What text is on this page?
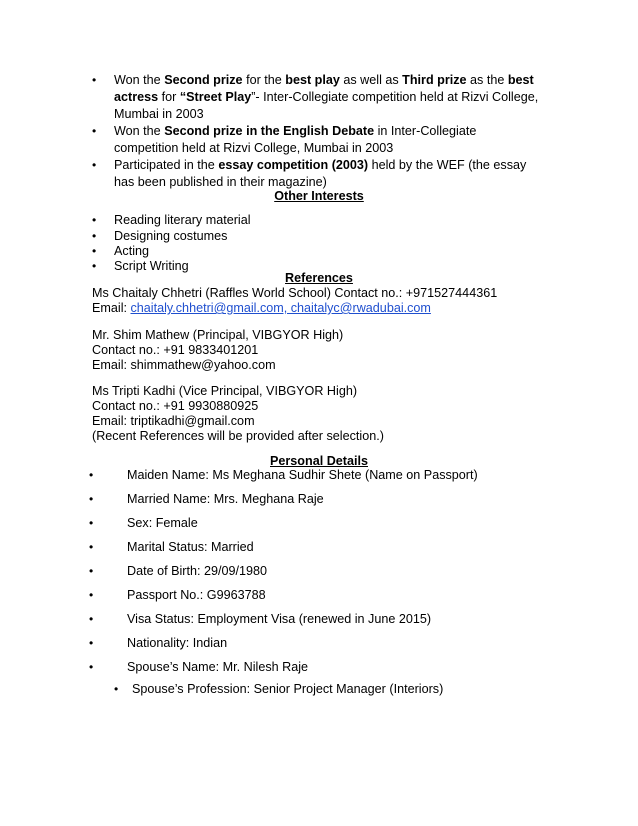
• Won the Second prize for the best play as well as Third prize as the best
actress for “Street Play”- Inter-Collegiate competition held at Rizvi College,
Mumbai in 2003
• Won the Second prize in the English Debate in Inter-Collegiate
competition held at Rizvi College, Mumbai in 2003
• Participated in the essay competition (2003) held by the WEF (the essay
has been published in their magazine)
Other Interests
• Reading literary material
• Designing costumes
• Acting
• Script Writing
References
Ms Chaitaly Chhetri (Raffles World School) Contact no.: +971527444361
Email: chaitaly.chhetri@gmail.com, chaitalyc@rwadubai.com
Mr. Shim Mathew (Principal, VIBGYOR High)
Contact no.: +91 9833401201
Email: shimmathew@yahoo.com
Ms Tripti Kadhi (Vice Principal, VIBGYOR High)
Contact no.: +91 9930880925
Email: triptikadhi@gmail.com
(Recent References will be provided after selection.)
Personal Details
•	Maiden Name: Ms Meghana Sudhir Shete (Name on Passport)
•	Married Name: Mrs. Meghana Raje
•	Sex: Female
•	Marital Status: Married
•	Date of Birth: 29/09/1980
•	Passport No.: G9963788
•	Visa Status: Employment Visa (renewed in June 2015)
•	Nationality: Indian
•	Spouse’s Name: Mr. Nilesh Raje
• Spouse’s Profession: Senior Project Manager (Interiors)
